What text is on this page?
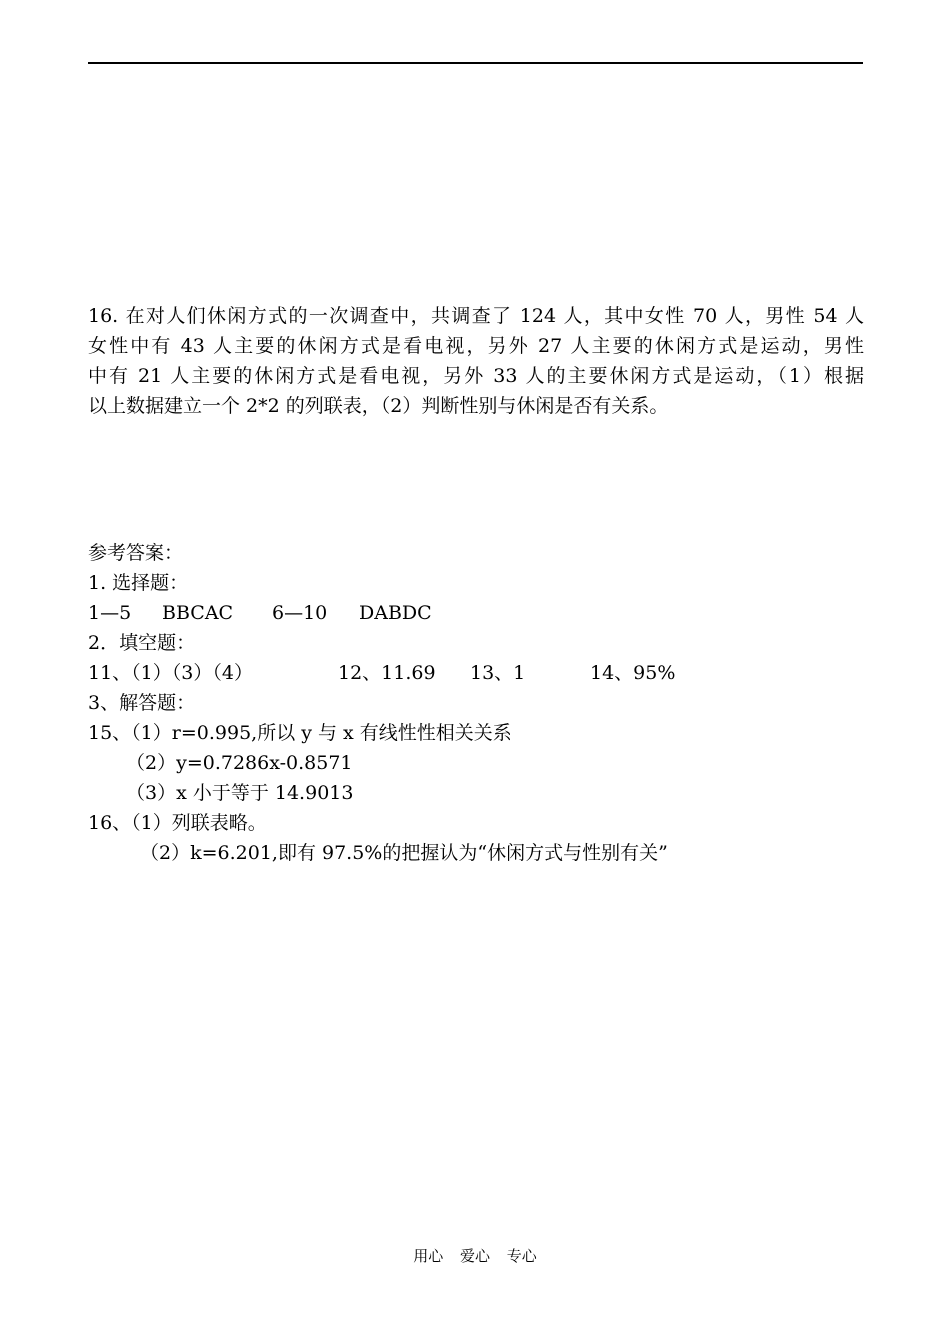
16. 在对人们休闲方式的一次调查中，共调查了 124 人，其中女性 70 人，男性 54 人
女性中有 43 人主要的休闲方式是看电视，另外 27 人主要的休闲方式是运动，男性
中有 21 人主要的休闲方式是看电视，另外 33 人的主要休闲方式是运动，（1）根据
以上数据建立一个 2*2 的列联表，（2）判断性别与休闲是否有关系。
参考答案：
1. 选择题：
1—5 BBCAC 6—10 DABDC
2．填空题：
11、（1）（3）（4）	12、11.69 13、1	14、95%
3、解答题：
15、（1）r=0.995,所以 y 与 x 有线性性相关关系
（2）y=0.7286x-0.8571
（3）x 小于等于 14.9013
16、（1）列联表略。
（2）k=6.201,即有 97.5%的把握认为“休闲方式与性别有关”
用心 爱心 专心
